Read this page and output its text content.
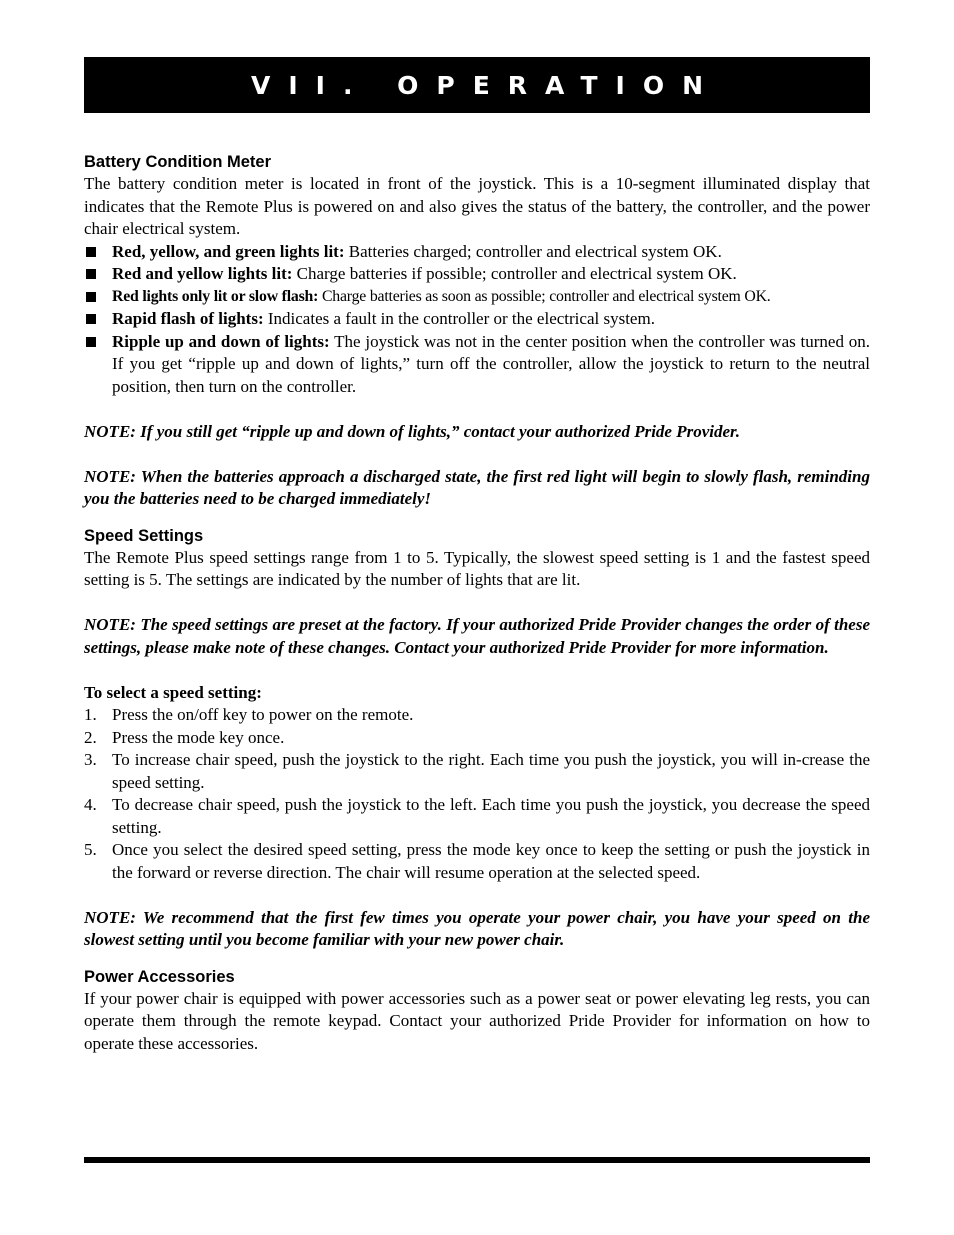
VII. OPERATION

Battery Condition Meter

The battery condition meter is located in front of the joystick. This is a 10-segment illuminated display that indicates that the Remote Plus is powered on and also gives the status of the battery, the controller, and the power chair electrical system.

Red, yellow, and green lights lit: Batteries charged; controller and electrical system OK.
Red and yellow lights lit: Charge batteries if possible; controller and electrical system OK.
Red lights only lit or slow flash: Charge batteries as soon as possible; controller and electrical system OK.
Rapid flash of lights: Indicates a fault in the controller or the electrical system.
Ripple up and down of lights: The joystick was not in the center position when the controller was turned on. If you get “ripple up and down of lights,” turn off the controller, allow the joystick to return to the neutral position, then turn on the controller.

NOTE: If you still get “ripple up and down of lights,” contact your authorized Pride Provider.

NOTE: When the batteries approach a discharged state, the first red light will begin to slowly flash, reminding you the batteries need to be charged immediately!

Speed Settings

The Remote Plus speed settings range from 1 to 5. Typically, the slowest speed setting is 1 and the fastest speed setting is 5. The settings are indicated by the number of lights that are lit.

NOTE: The speed settings are preset at the factory. If your authorized Pride Provider changes the order of these settings, please make note of these changes. Contact your authorized Pride Provider for more information.

To select a speed setting:

1. Press the on/off key to power on the remote.
2. Press the mode key once.
3. To increase chair speed, push the joystick to the right. Each time you push the joystick, you will in-crease the speed setting.
4. To decrease chair speed, push the joystick to the left. Each time you push the joystick, you decrease the speed setting.
5. Once you select the desired speed setting, press the mode key once to keep the setting or push the joystick in the forward or reverse direction. The chair will resume operation at the selected speed.

NOTE: We recommend that the first few times you operate your power chair, you have your speed on the slowest setting until you become familiar with your new power chair.

Power Accessories

If your power chair is equipped with power accessories such as a power seat or power elevating leg rests, you can operate them through the remote keypad. Contact your authorized Pride Provider for information on how to operate these accessories.
